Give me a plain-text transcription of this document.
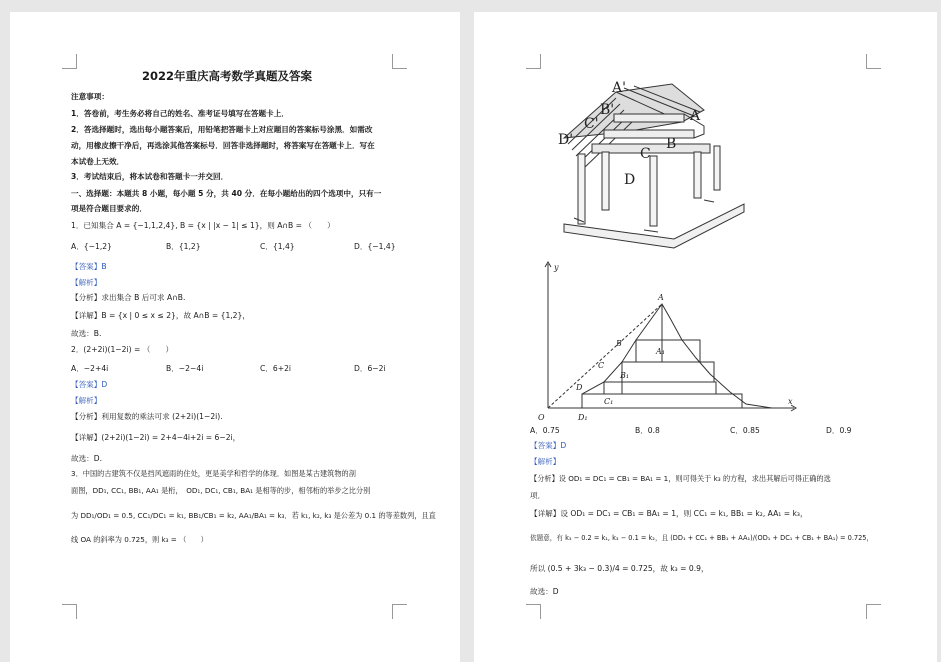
2022年重庆高考数学真题及答案
注意事项：
1．答卷前，考生务必将自己的姓名、准考证号填写在答题卡上．
2．答选择题时，选出每小题答案后，用铅笔把答题卡上对应题目的答案标号涂黑．如需改
动，用橡皮擦干净后，再选涂其他答案标号．回答非选择题时，将答案写在答题卡上．写在
本试卷上无效．
3．考试结束后，将本试卷和答题卡一并交回．
一、选择题：本题共 8 小题，每小题 5 分，共 40 分．在每小题给出的四个选项中，只有一
项是符合题目要求的．
1．已知集合 A = {−1,1,2,4}, B = {x | |x − 1| ≤ 1}，则 A∩B = （　　）
A．{−1,2}	B．{1,2}	C．{1,4}	D．{−1,4}
【答案】B
【解析】
【分析】求出集合 B 后可求 A∩B.
【详解】B = {x | 0 ≤ x ≤ 2}，故 A∩B = {1,2}，
故选：B.
2．(2+2i)(1−2i) = （　　）
A．−2+4i	B．−2−4i	C．6+2i	D．6−2i
【答案】D
【解析】
【分析】利用复数的乘法可求 (2+2i)(1−2i).
【详解】(2+2i)(1−2i) = 2+4−4i+2i = 6−2i，
故选：D.
3．中国的古建筑不仅是挡风遮雨的住处，更是美学和哲学的体现．如图是某古建筑物的剖
面图，DD₁, CC₁, BB₁, AA₁ 是桁，　OD₁, DC₁, CB₁, BA₁ 是相等的步，相邻桁的举步之比分别
为 DD₁/OD₁ = 0.5, CC₁/DC₁ = k₁, BB₁/CB₁ = k₂, AA₁/BA₁ = k₃．若 k₁, k₂, k₃ 是公差为 0.1 的等差数列，且直
线 OA 的斜率为 0.725，则 k₃ = （　　）
A'
A
C'
B'
B
C
D'
D
y
x
O
A
B
C
D
A₁
B₁
C₁
D₁
A．0.75	B．0.8	C．0.85	D．0.9
【答案】D
【解析】
【分析】设 OD₁ = DC₁ = CB₁ = BA₁ = 1，则可得关于 k₃ 的方程，求出其解后可得正确的选
项．
【详解】设 OD₁ = DC₁ = CB₁ = BA₁ = 1，则 CC₁ = k₁, BB₁ = k₂, AA₁ = k₃，
依题意，有 k₃ − 0.2 = k₁, k₃ − 0.1 = k₂，且 (DD₁ + CC₁ + BB₁ + AA₁)/(OD₁ + DC₁ + CB₁ + BA₁) = 0.725，
所以 (0.5 + 3k₃ − 0.3)/4 = 0.725，故 k₃ = 0.9，
故选：D
